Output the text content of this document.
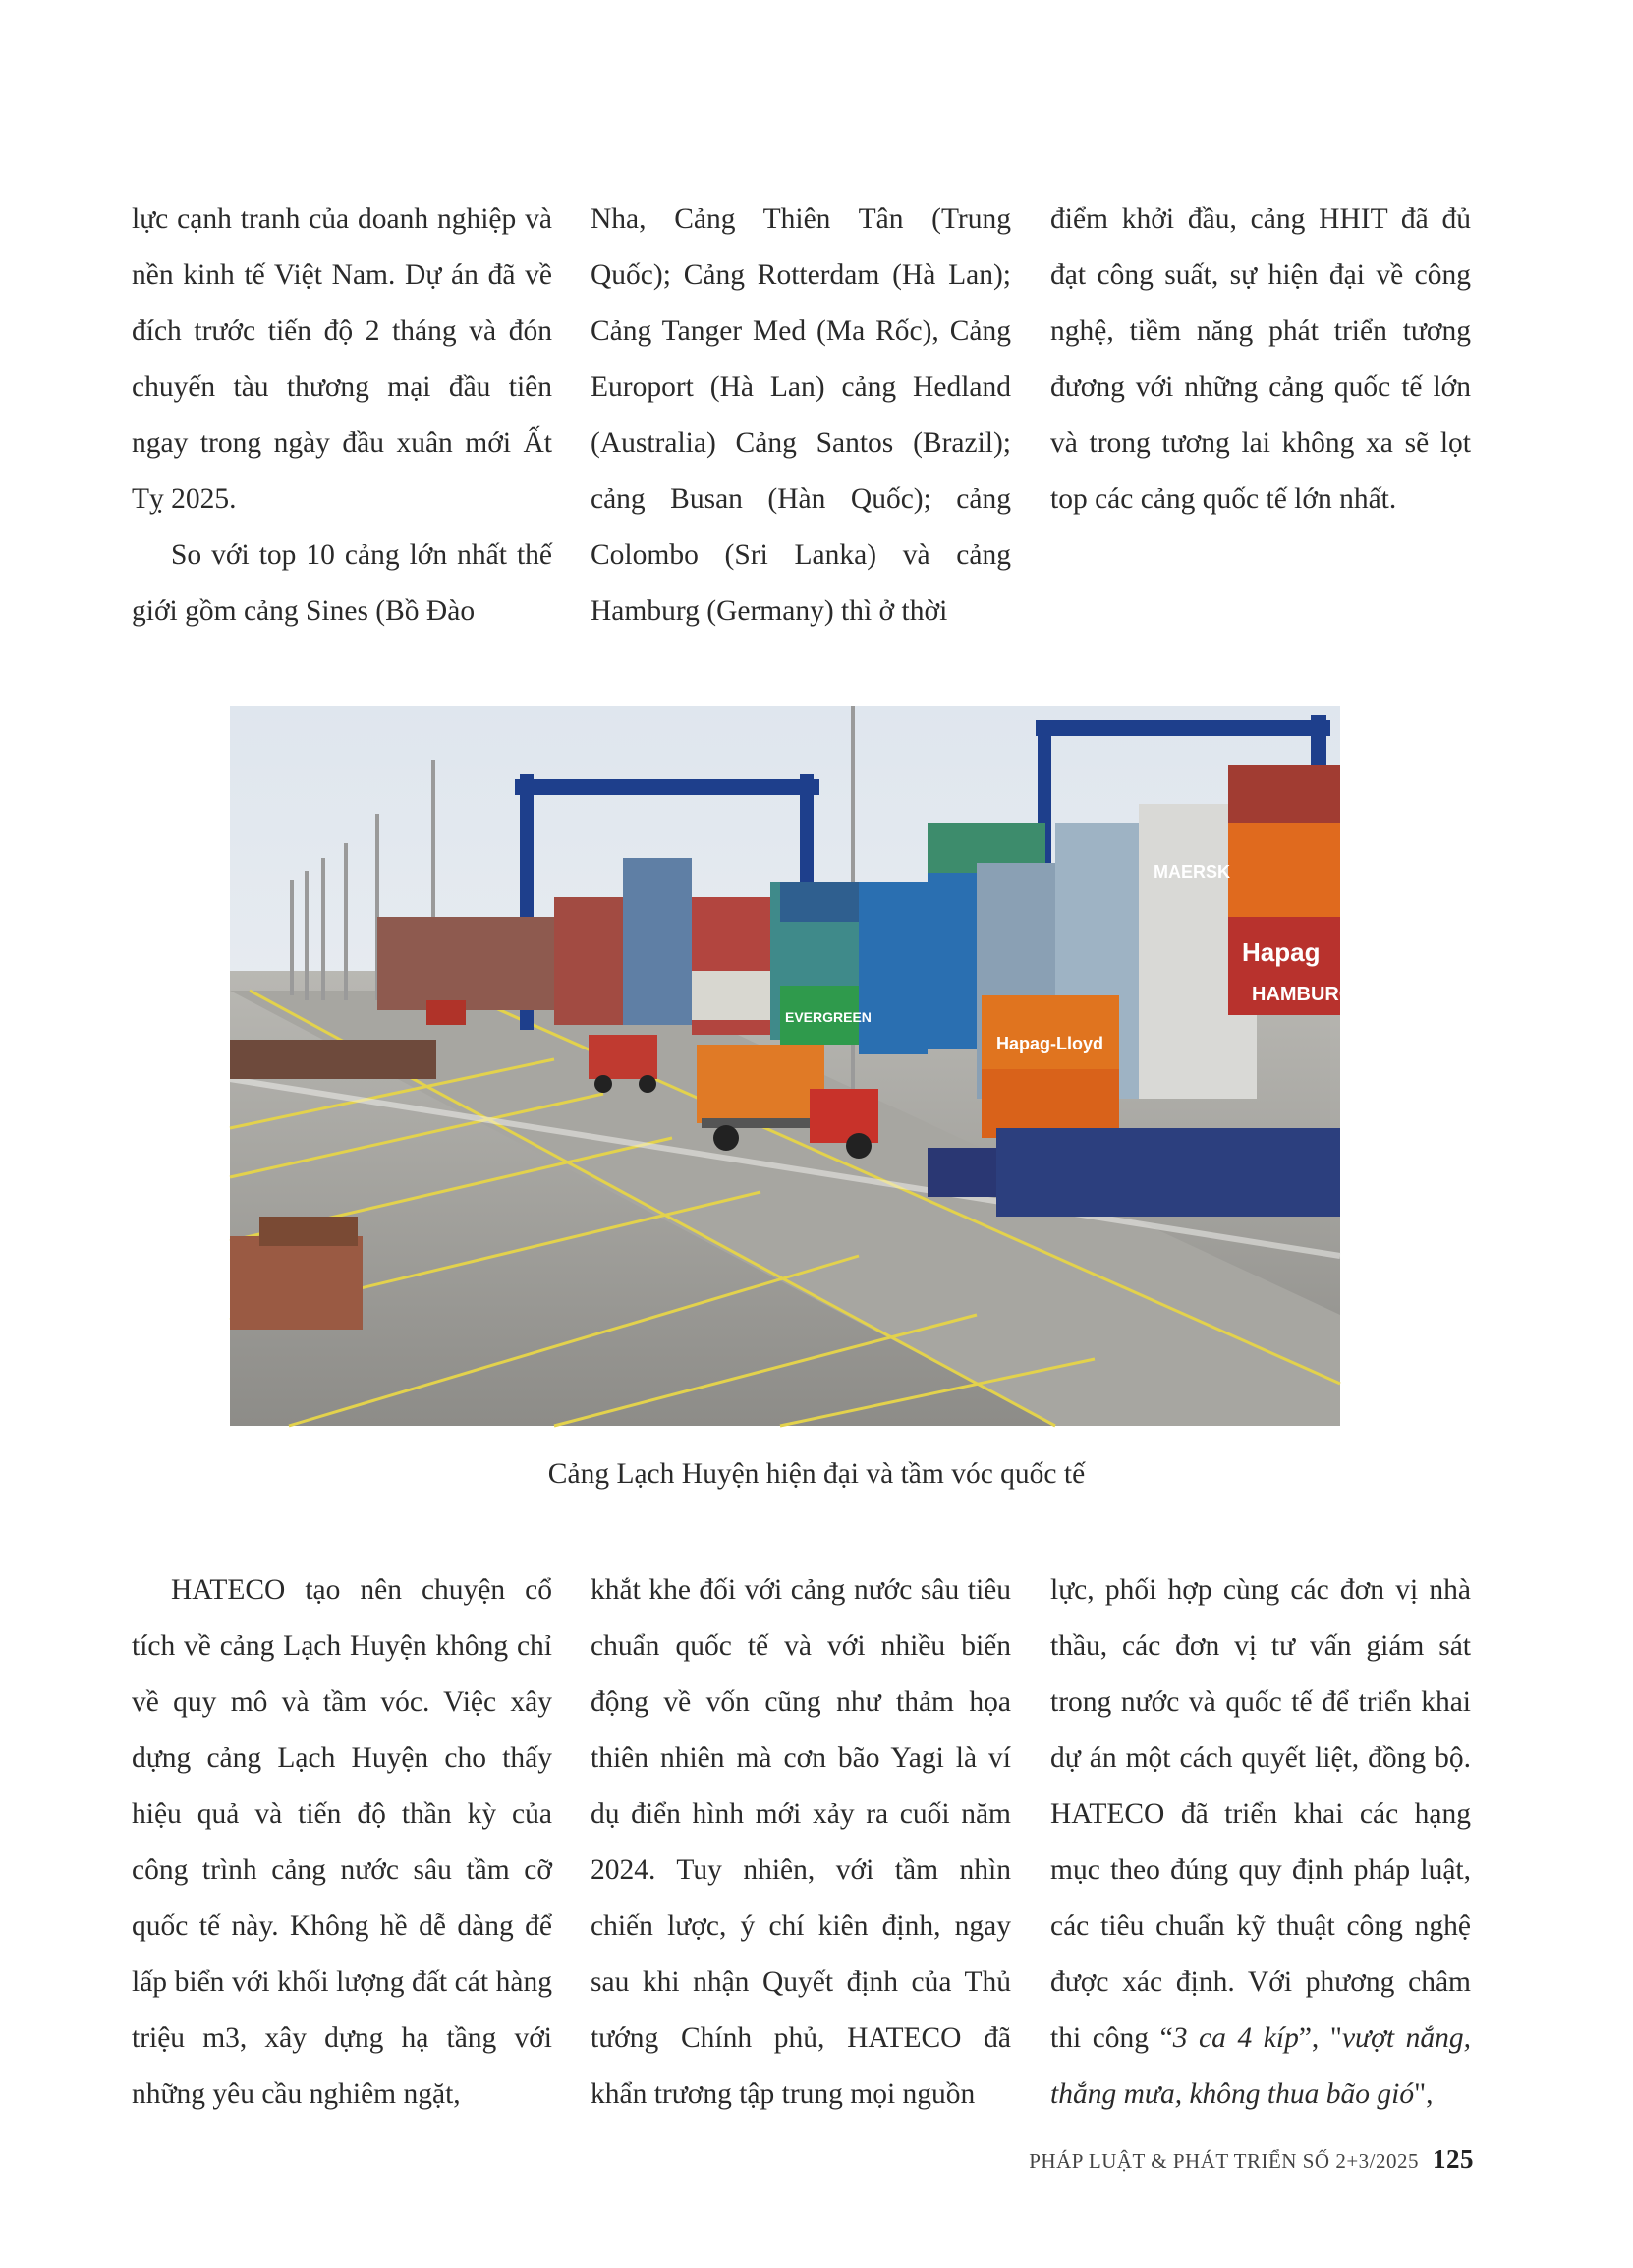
lực cạnh tranh của doanh nghiệp và nền kinh tế Việt Nam. Dự án đã về đích trước tiến độ 2 tháng và đón chuyến tàu thương mại đầu tiên ngay trong ngày đầu xuân mới Ất Tỵ 2025.

So với top 10 cảng lớn nhất thế giới gồm cảng Sines (Bồ Đào

Nha, Cảng Thiên Tân (Trung Quốc); Cảng Rotterdam (Hà Lan); Cảng Tanger Med (Ma Rốc), Cảng Europort (Hà Lan) cảng Hedland (Australia) Cảng Santos (Brazil); cảng Busan (Hàn Quốc); cảng Colombo (Sri Lanka) và cảng Hamburg (Germany) thì ở thời

điểm khởi đầu, cảng HHIT đã đủ đạt công suất, sự hiện đại về công nghệ, tiềm năng phát triển tương đương với những cảng quốc tế lớn và trong tương lai không xa sẽ lọt top các cảng quốc tế lớn nhất.

MAERSK
Hapag
HAMBURG
Hapag-Lloyd
EVERGREEN
Cảng Lạch Huyện hiện đại và tầm vóc quốc tế

HATECO tạo nên chuyện cổ tích về cảng Lạch Huyện không chỉ về quy mô và tầm vóc. Việc xây dựng cảng Lạch Huyện cho thấy hiệu quả và tiến độ thần kỳ của công trình cảng nước sâu tầm cỡ quốc tế này. Không hề dễ dàng để lấp biển với khối lượng đất cát hàng triệu m3, xây dựng hạ tầng với những yêu cầu nghiêm ngặt,

khắt khe đối với cảng nước sâu tiêu chuẩn quốc tế và với nhiều biến động về vốn cũng như thảm họa thiên nhiên mà cơn bão Yagi là ví dụ điển hình mới xảy ra cuối năm 2024. Tuy nhiên, với tầm nhìn chiến lược, ý chí kiên định, ngay sau khi nhận Quyết định của Thủ tướng Chính phủ, HATECO đã khẩn trương tập trung mọi nguồn

lực, phối hợp cùng các đơn vị nhà thầu, các đơn vị tư vấn giám sát trong nước và quốc tế để triển khai dự án một cách quyết liệt, đồng bộ. HATECO đã triển khai các hạng mục theo đúng quy định pháp luật, các tiêu chuẩn kỹ thuật công nghệ được xác định. Với phương châm thi công “3 ca 4 kíp”, "vượt nắng, thắng mưa, không thua bão gió",

PHÁP LUẬT & PHÁT TRIỂN SỐ 2+3/2025 125
